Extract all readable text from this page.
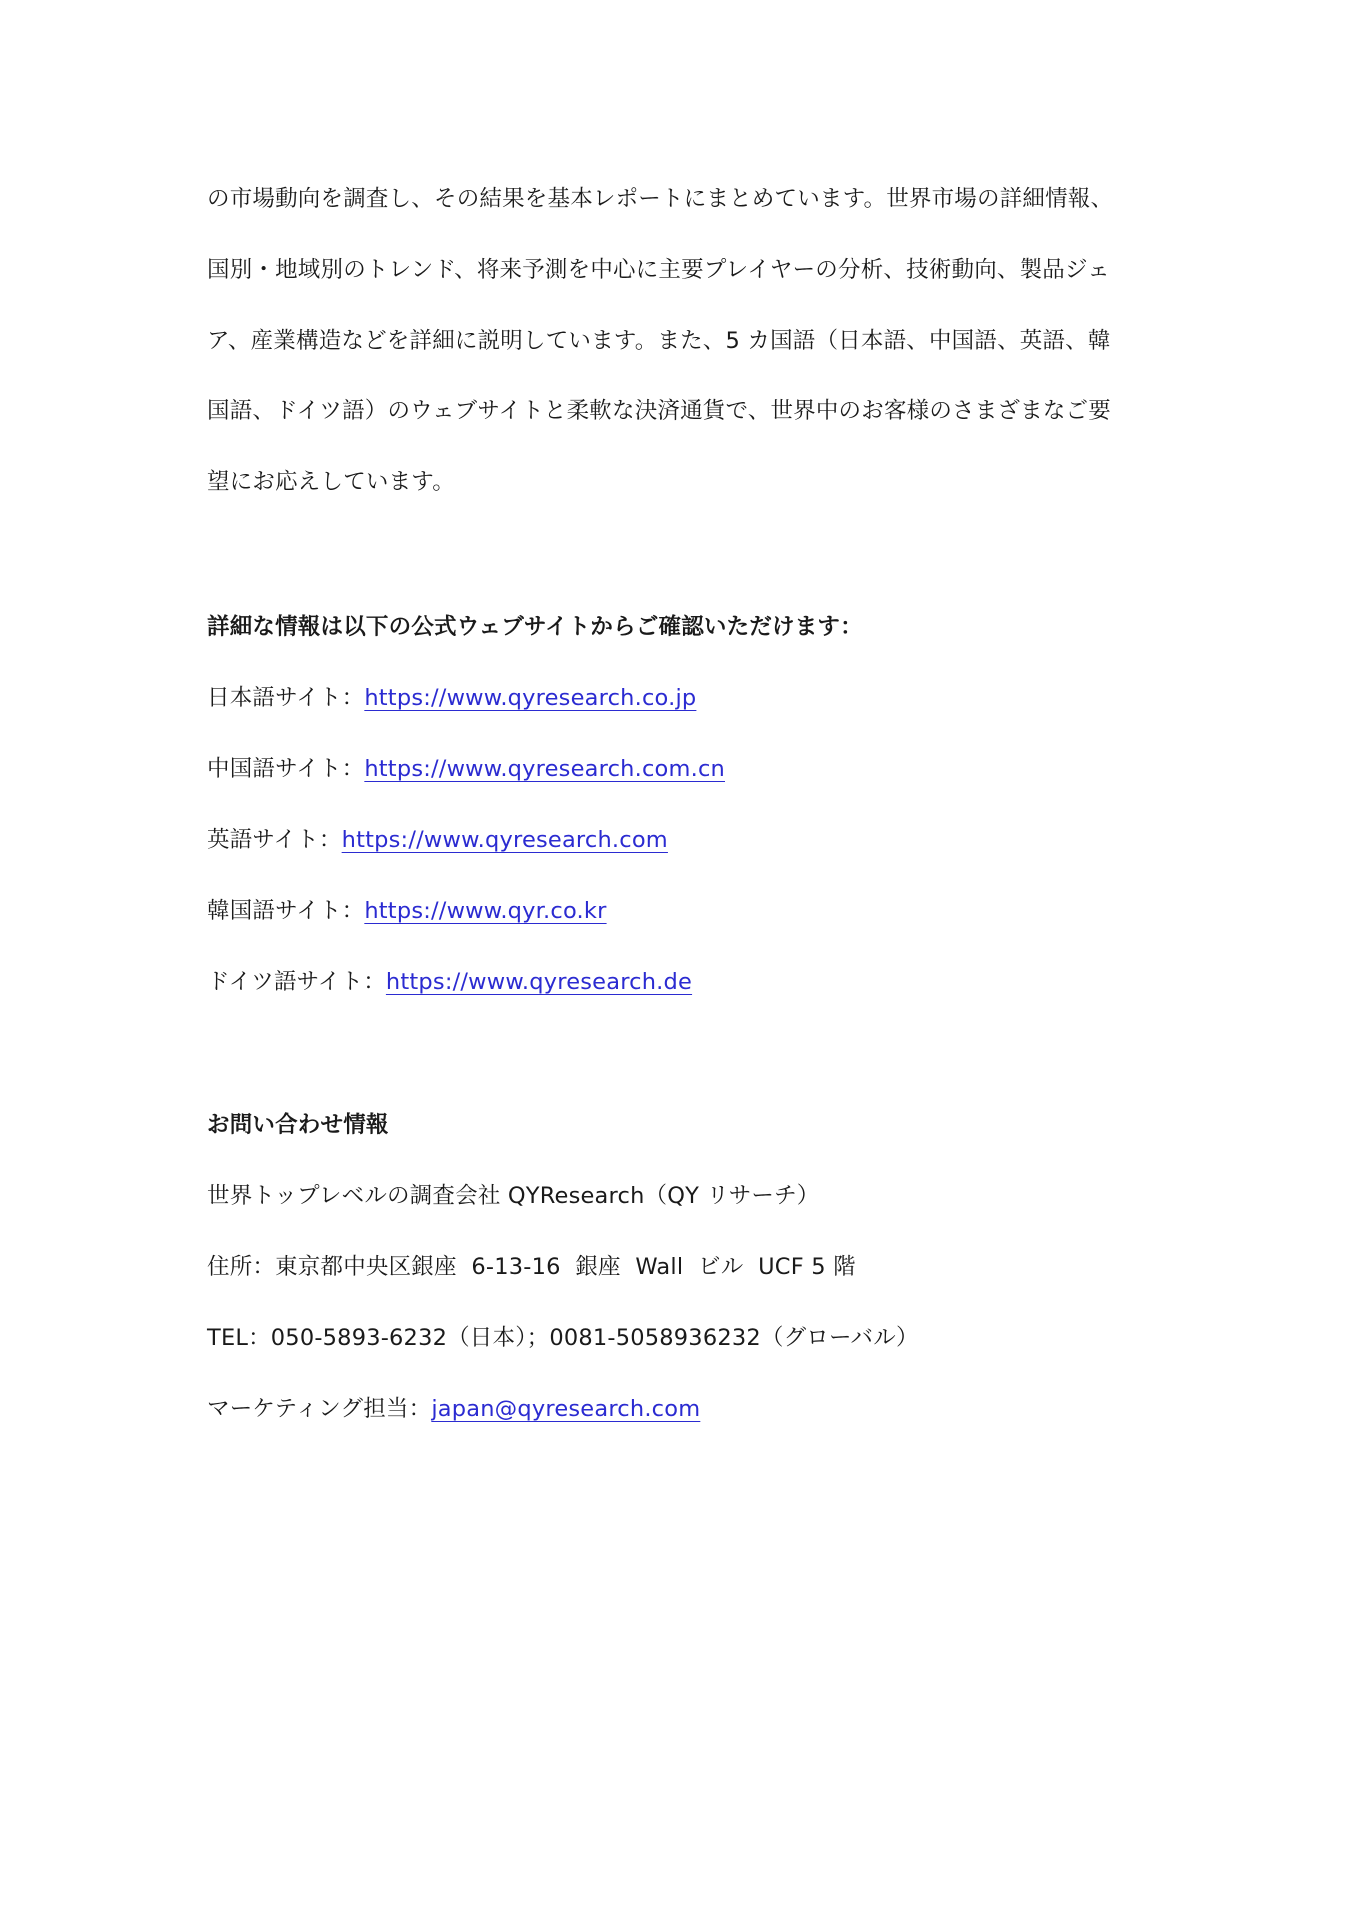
の市場動向を調査し、その結果を基本レポートにまとめています。世界市場の詳細情報、
国別・地域別のトレンド、将来予測を中心に主要プレイヤーの分析、技術動向、製品ジェ
ア、産業構造などを詳細に説明しています。また、5 カ国語（日本語、中国語、英語、韓
国語、ドイツ語）のウェブサイトと柔軟な決済通貨で、世界中のお客様のさまざまなご要
望にお応えしています。
詳細な情報は以下の公式ウェブサイトからご確認いただけます：
日本語サイト：https://www.qyresearch.co.jp
中国語サイト：https://www.qyresearch.com.cn
英語サイト：https://www.qyresearch.com
韓国語サイト：https://www.qyr.co.kr
ドイツ語サイト：https://www.qyresearch.de
お問い合わせ情報
世界トップレベルの調査会社 QYResearch（QY リサーチ）
住所：東京都中央区銀座  6-13-16  銀座  Wall  ビル  UCF 5 階
TEL：050-5893-6232（日本）；0081-5058936232（グローバル）
マーケティング担当：japan@qyresearch.com
